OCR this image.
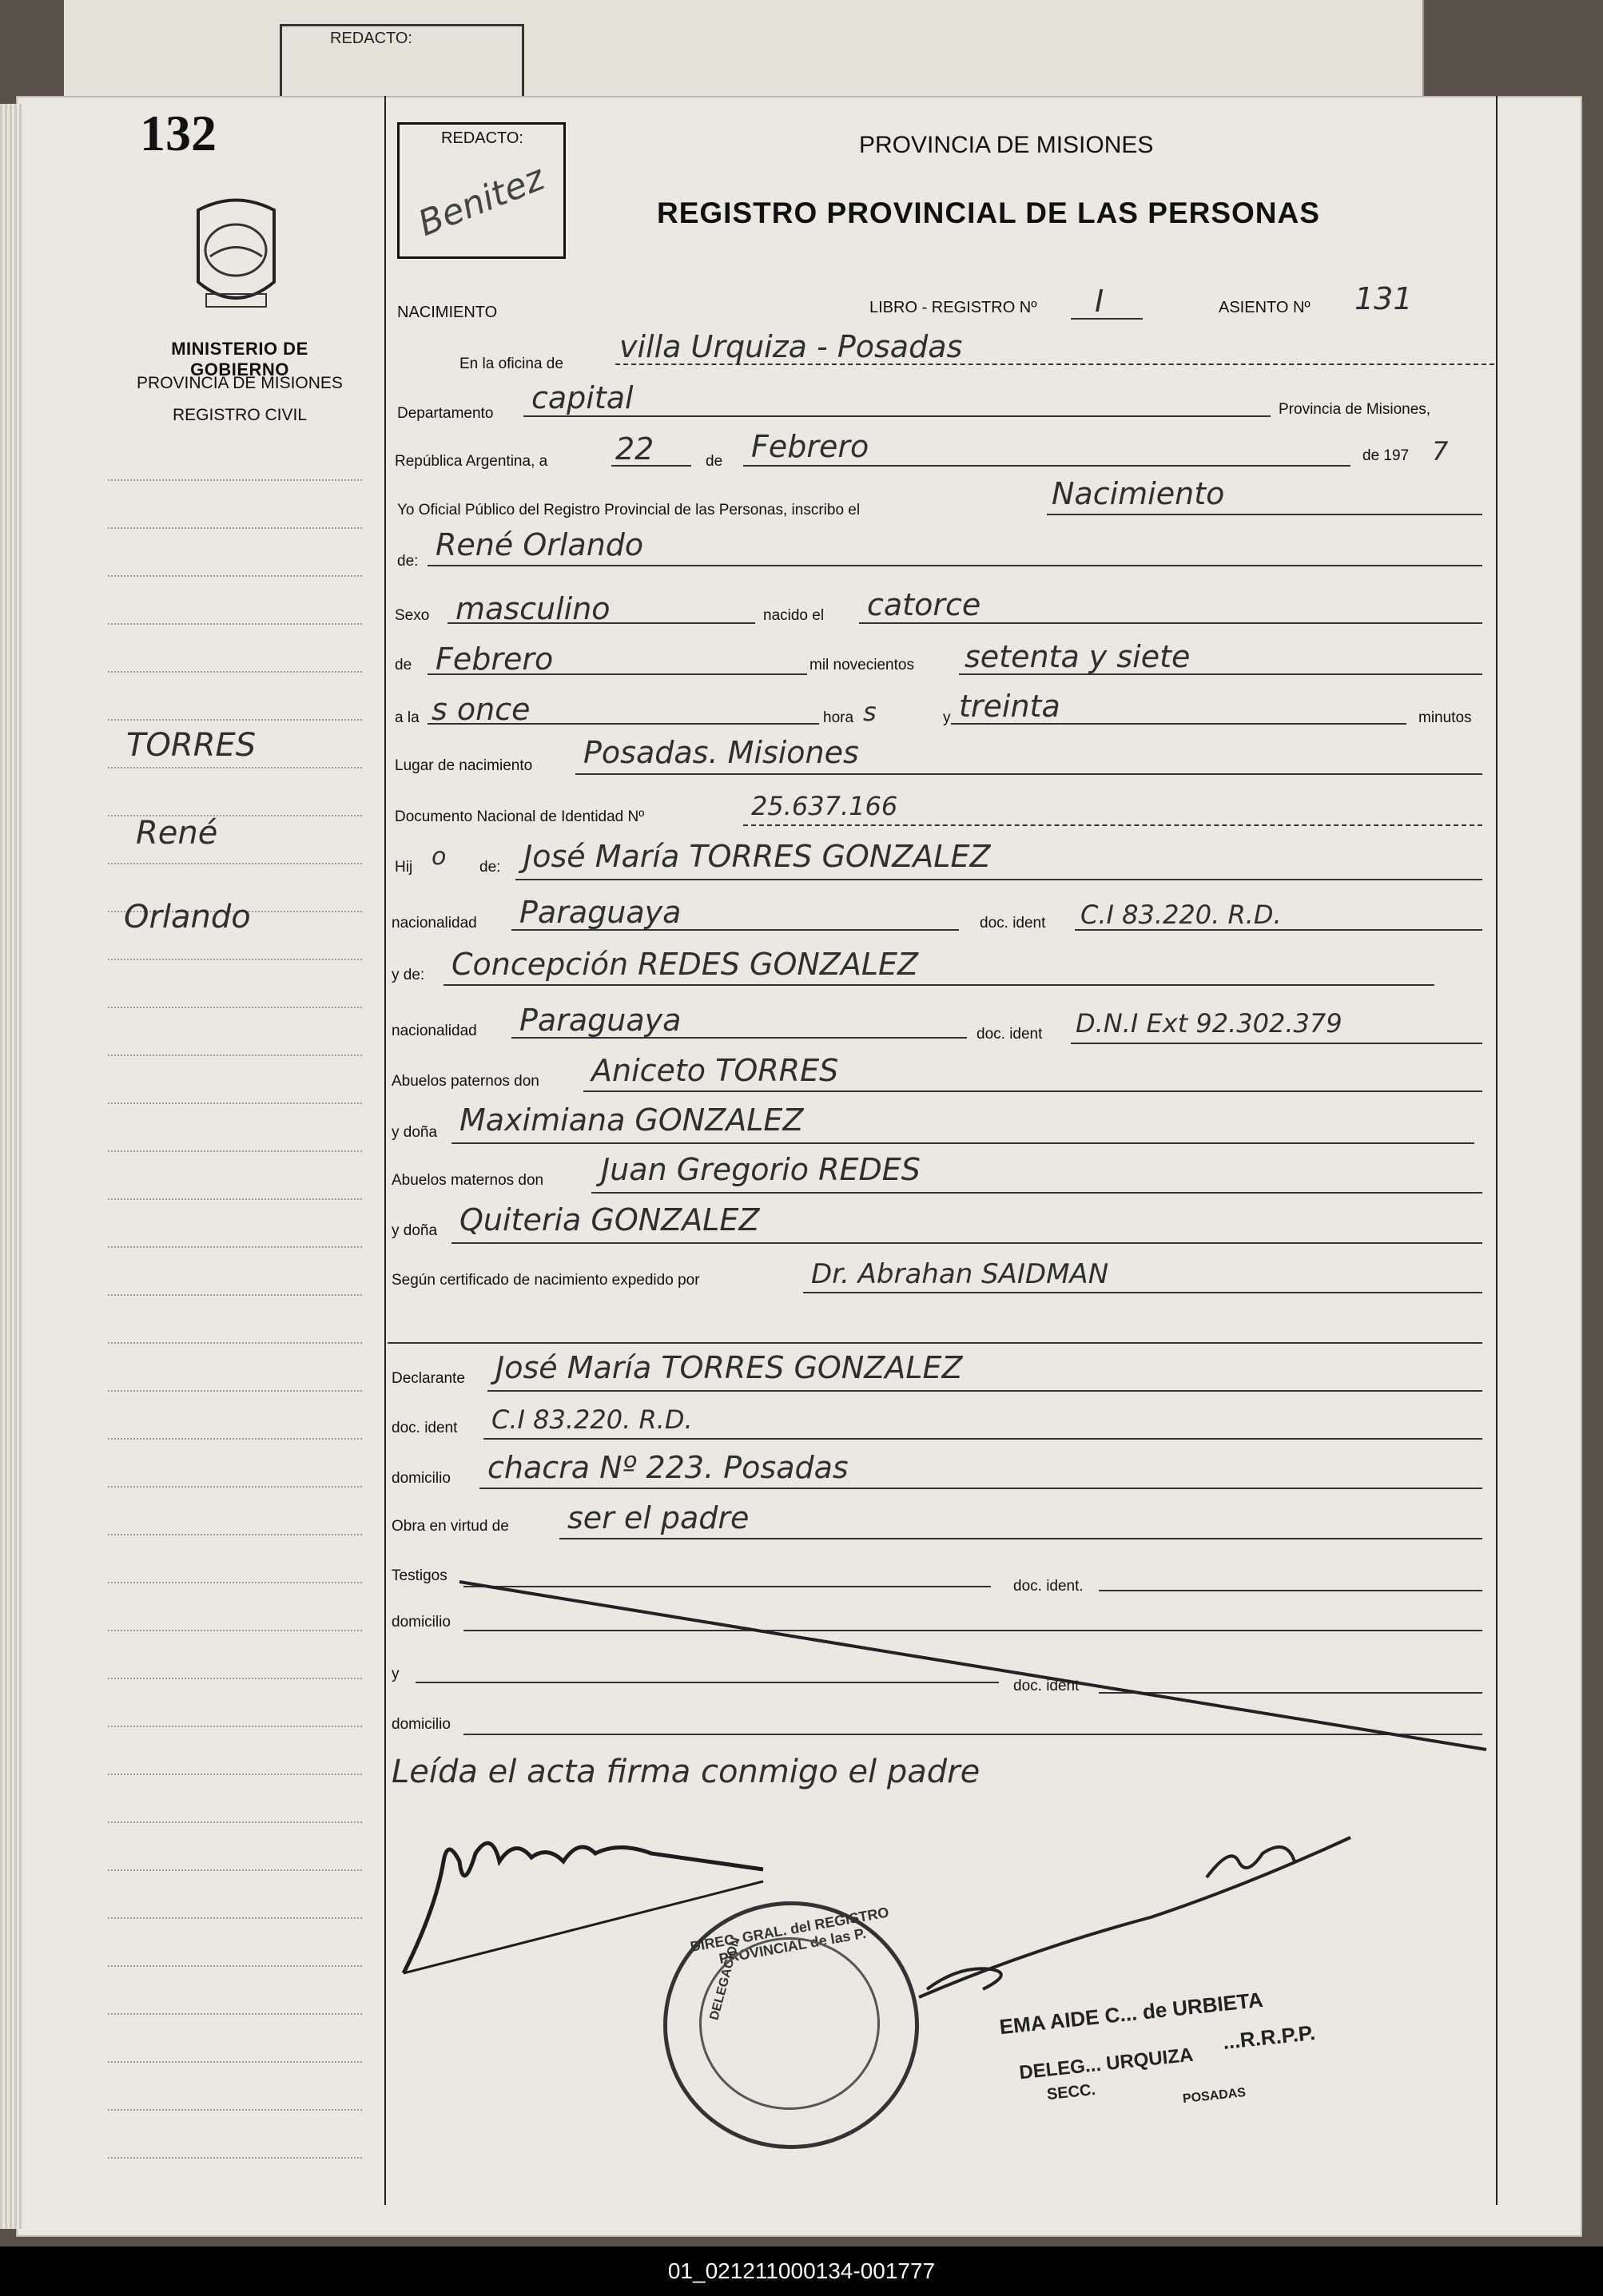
REDACTO:
132
MINISTERIO DE GOBIERNO
PROVINCIA DE MISIONES
REGISTRO CIVIL
TORRES
René
Orlando
REDACTO:
Benitez
PROVINCIA DE MISIONES
REGISTRO PROVINCIAL DE LAS PERSONAS
NACIMIENTO	LIBRO - REGISTRO Nº I	ASIENTO Nº 131
En la oficina de villa Urquiza - Posadas
Departamento capital	Provincia de Misiones,
República Argentina, a 22	de Febrero	de 197 7
Yo Oficial Público del Registro Provincial de las Personas, inscribo el	Nacimiento
de: René Orlando
Sexo masculino	nacido el catorce
de Febrero	mil novecientos setenta y siete
a la s once	hora s	y treinta	minutos
Lugar de nacimiento Posadas. Misiones
Documento Nacional de Identidad Nº	25.637.166
Hij o de: José María TORRES GONZALEZ
nacionalidad Paraguaya	doc. ident C.I 83.220. R.D.
y de: Concepción REDES GONZALEZ
nacionalidad Paraguaya	doc. ident D.N.I Ext 92.302.379
Abuelos paternos don Aniceto TORRES
y doña Maximiana GONZALEZ
Abuelos maternos don Juan Gregorio REDES
y doña Quiteria GONZALEZ
Según certificado de nacimiento expedido por	Dr. Abrahan SAIDMAN
Declarante José María TORRES GONZALEZ
doc. ident C.I 83.220. R.D.
domicilio chacra Nº 223. Posadas
Obra en virtud de ser el padre
Testigos
doc. ident.
domicilio
y
doc. ident
domicilio
Leída el acta firma conmigo el padre
DIREC. GRAL. del REGISTRO PROVINCIAL de las P.
DELEGACION	EMA AIDE C... de URBIETA
...R.R.P.P.
DELEG... URQUIZA
SECC.	POSADAS
01_021211000134-001777
